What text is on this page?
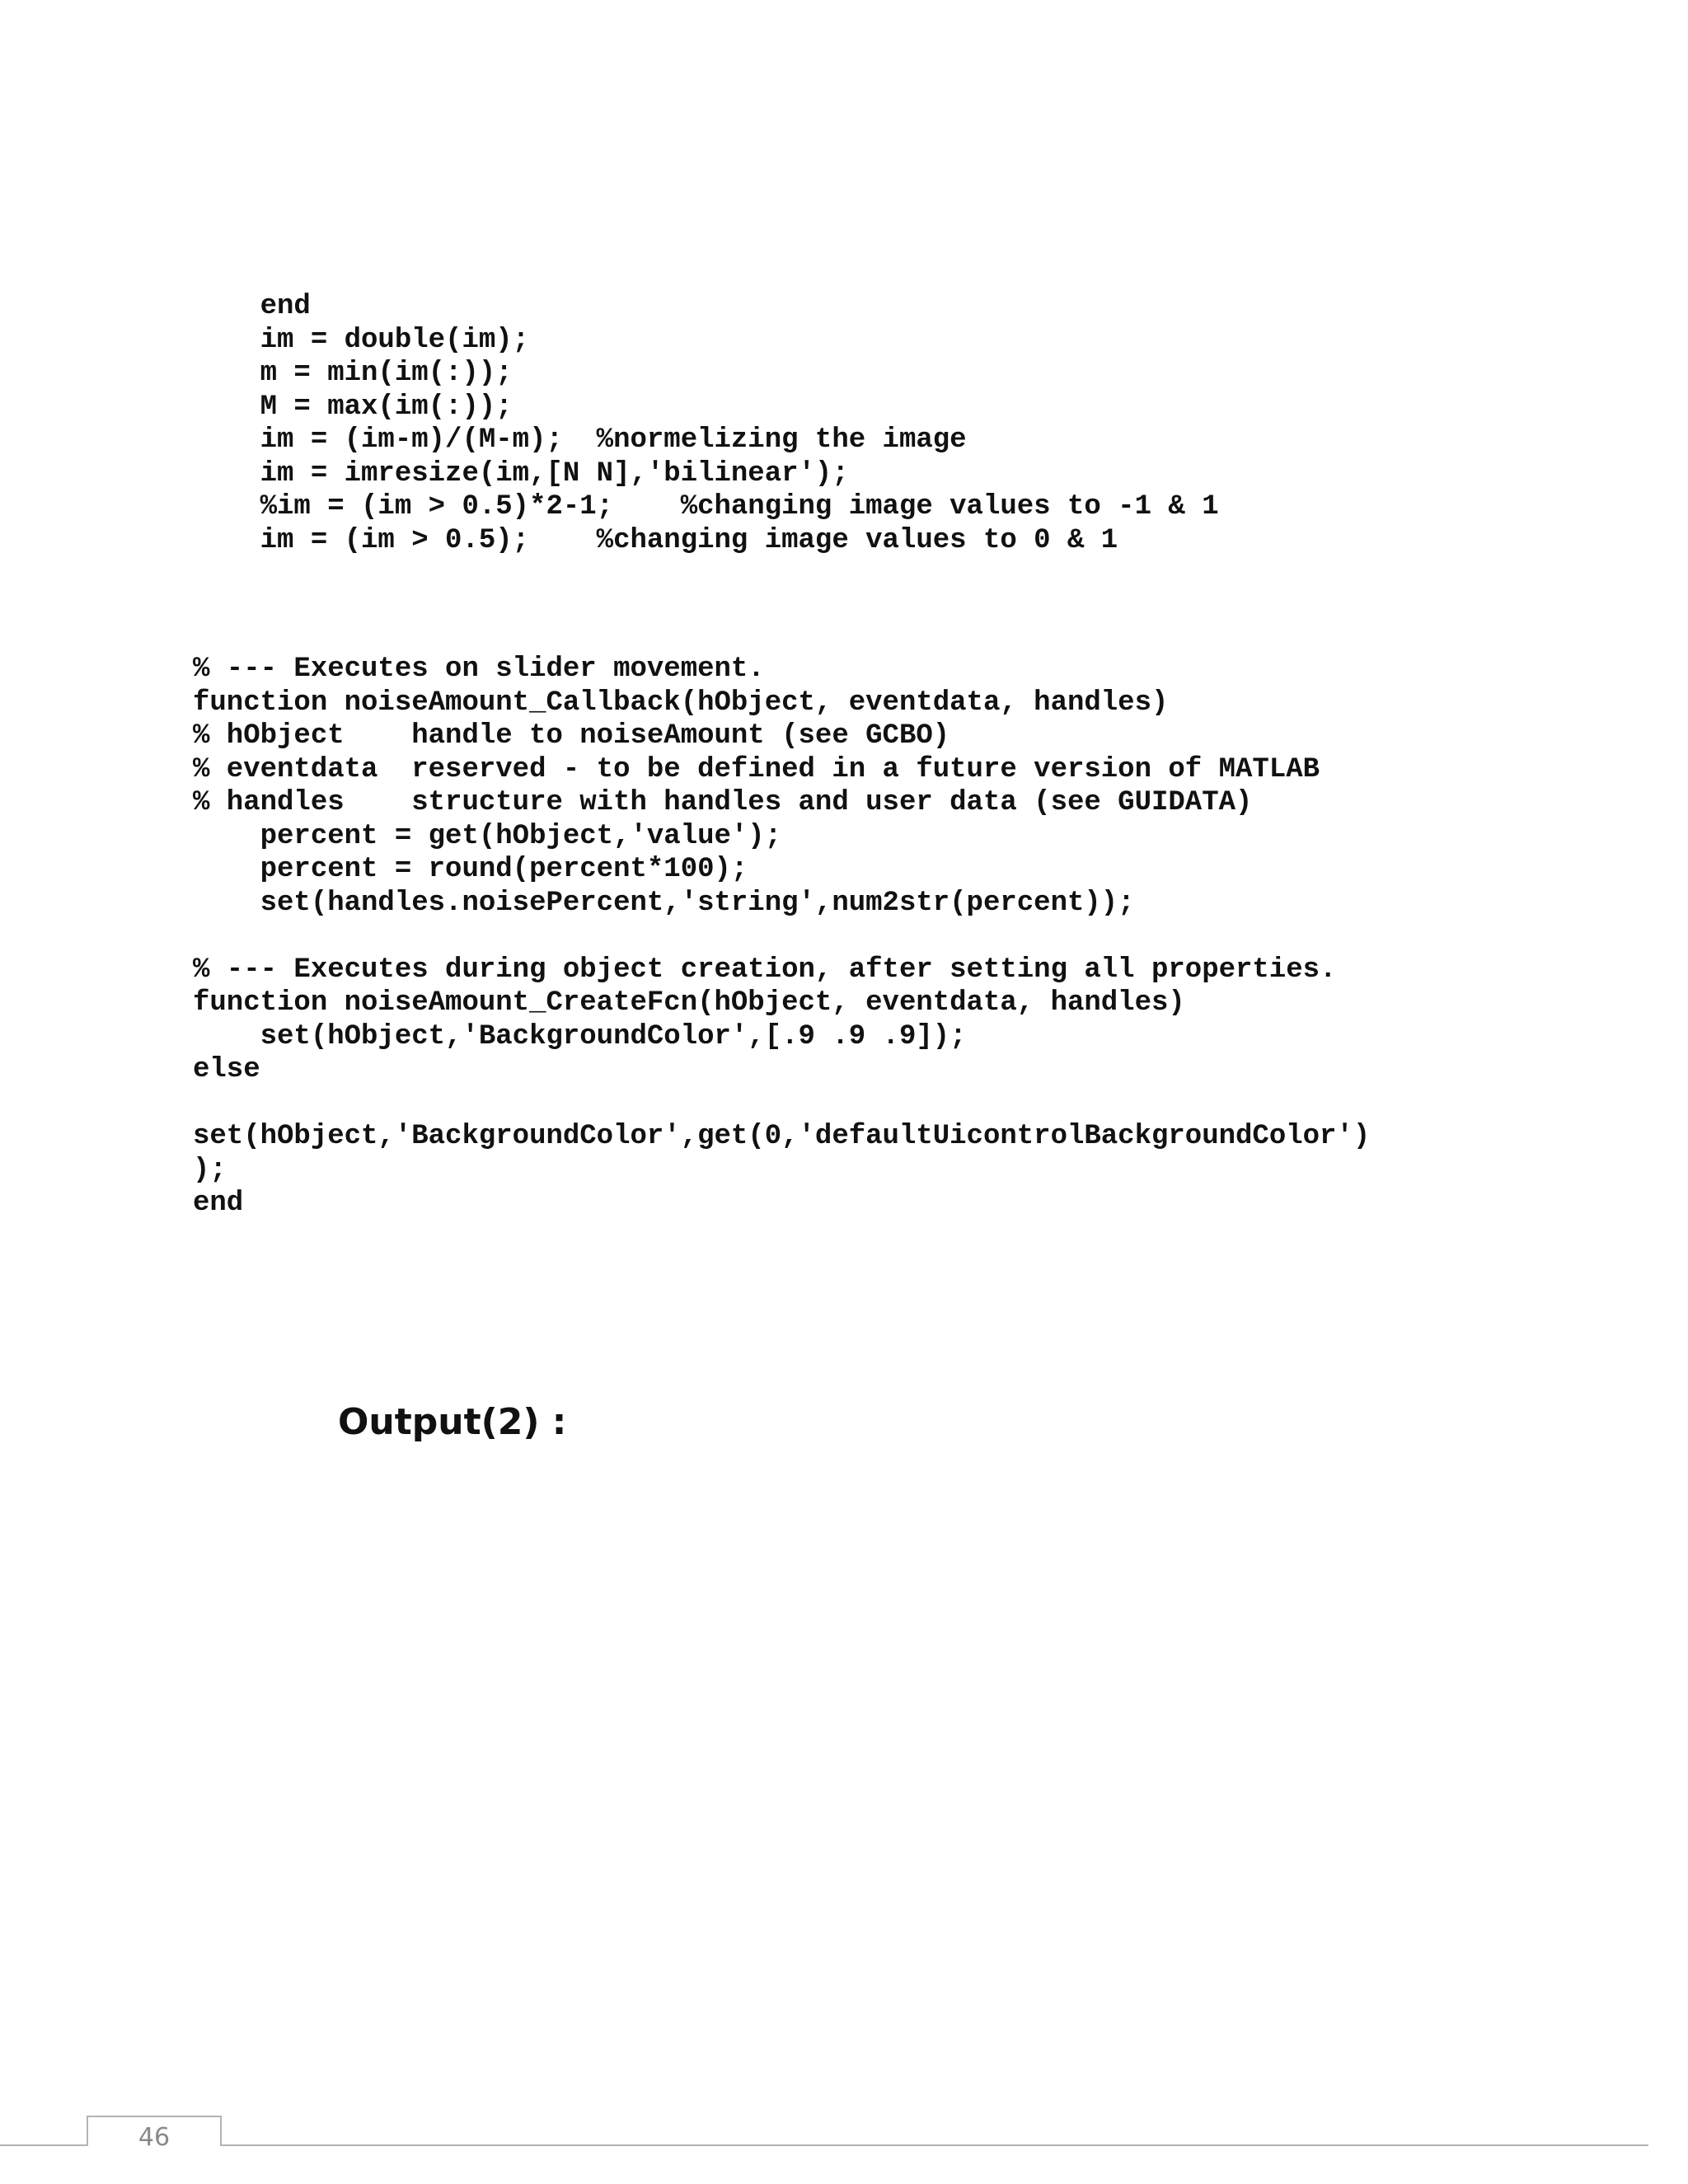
end
im = double(im);
m = min(im(:));
M = max(im(:));
im = (im-m)/(M-m);  %normelizing the image
im = imresize(im,[N N],'bilinear');
%im = (im > 0.5)*2-1;    %changing image values to -1 & 1
im = (im > 0.5);    %changing image values to 0 & 1
% --- Executes on slider movement.
function noiseAmount_Callback(hObject, eventdata, handles)
% hObject    handle to noiseAmount (see GCBO)
% eventdata  reserved - to be defined in a future version of MATLAB
% handles    structure with handles and user data (see GUIDATA)
percent = get(hObject,'value');
percent = round(percent*100);
set(handles.noisePercent,'string',num2str(percent));
% --- Executes during object creation, after setting all properties.
function noiseAmount_CreateFcn(hObject, eventdata, handles)
set(hObject,'BackgroundColor',[.9 .9 .9]);
else
set(hObject,'BackgroundColor',get(0,'defaultUicontrolBackgroundColor')
);
end
Output(2) :
46
